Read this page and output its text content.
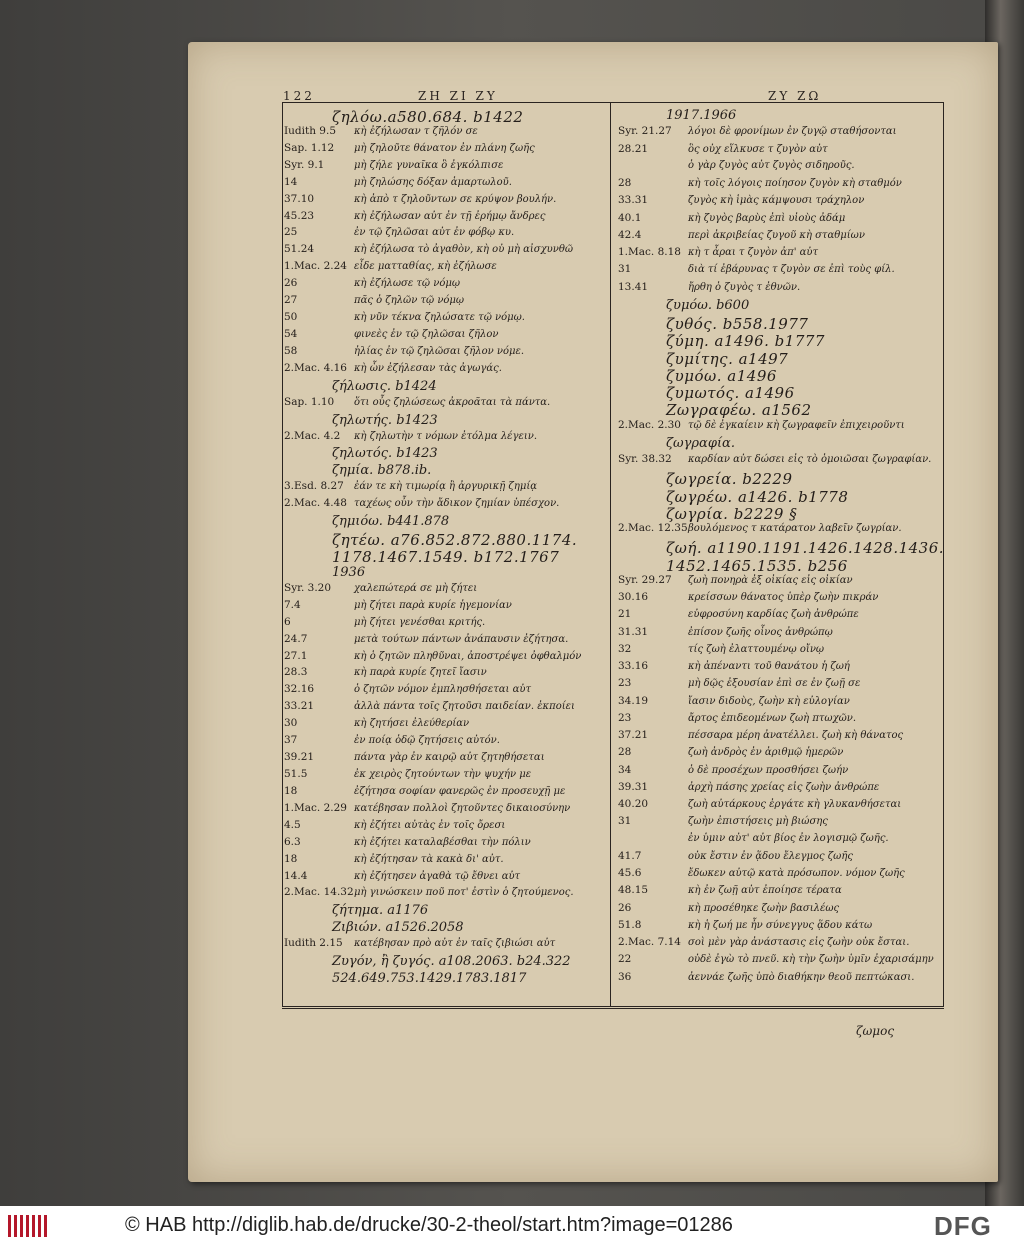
122	ΖΗ ΖΙ ΖΥ	ΖΥ ΖΩ
ζηλόω.a580.684. b1422
Iudith 9.5	κὴ ἐζήλωσαν τ ζῆλόν σε
Sap. 1.12	μὴ ζηλοῦτε θάνατον ἐν πλάνη ζωῆς
Syr. 9.1	μὴ ζήλε γυναῖκα ὃ ἐγκόλπισε
14	μὴ ζηλώσης δόξαν ἁμαρτωλοῦ.
37.10	κὴ ἀπὸ τ ζηλοῦντων σε κρύψον βουλήν.
45.23	κὴ ἐζήλωσαν αὐτ ἐν τῇ ἐρήμῳ ἄνδρες
25	ἐν τῷ ζηλῶσαι αὐτ ἐν φόβῳ κυ.
51.24	κὴ ἐζήλωσα τὸ ἀγαθὸν, κὴ οὐ μὴ αἰσχυνθῶ
1.Mac. 2.24 εἶδε ματταθίας, κὴ ἐζήλωσε
26	κὴ ἐζήλωσε τῷ νόμῳ
27	πᾶς ὁ ζηλῶν τῷ νόμῳ
50	κὴ νῦν τέκνα ζηλώσατε τῷ νόμῳ.
54	φινεὲς ἐν τῷ ζηλῶσαι ζῆλον
58	ἠλίας ἐν τῷ ζηλῶσαι ζῆλον νόμε.
2.Mac. 4.16 κὴ ὧν ἐζήλεσαν τὰς ἀγωγάς.
ζήλωσις. b1424
Sap. 1.10	ὅτι οὖς ζηλώσεως ἀκροᾶται τὰ πάντα.
ζηλωτής. b1423
2.Mac. 4.2	κὴ ζηλωτὴν τ νόμων ἐτόλμα λέγειν.
ζηλωτός. b1423
ζημία. b878.ib.
3.Esd. 8.27	ἐάν τε κὴ τιμωρίᾳ ἢ ἀργυρικῇ ζημίᾳ
2.Mac. 4.48 ταχέως οὖν τὴν ἄδικον ζημίαν ὑπέσχον.
ζημιόω. b441.878
ζητέω. a76.852.872.880.1174.
1178.1467.1549. b172.1767
1936
Syr. 3.20	χαλεπώτερά σε μὴ ζήτει
7.4	μὴ ζήτει παρὰ κυρίε ἡγεμονίαν
6	μὴ ζήτει γενέσθαι κριτής.
24.7	μετὰ τούτων πάντων ἀνάπαυσιν ἐζήτησα.
27.1	κὴ ὁ ζητῶν πληθῦναι, ἀποστρέψει ὀφθαλμόν
28.3	κὴ παρὰ κυρίε ζητεῖ ἴασιν
32.16	ὁ ζητῶν νόμον ἐμπλησθήσεται αὐτ
33.21	ἀλλὰ πάντα τοῖς ζητοῦσι παιδείαν. ἐκποίει
30	κὴ ζητήσει ἐλεύθερίαν
37	ἐν ποίᾳ ὁδῷ ζητήσεις αὐτόν.
39.21	πάντα γὰρ ἐν καιρῷ αὐτ ζητηθήσεται
51.5	ἐκ χειρὸς ζητούντων τὴν ψυχήν με
18	ἐζήτησα σοφίαν φανερῶς ἐν προσευχῇ με
1.Mac. 2.29 κατέβησαν πολλοὶ ζητοῦντες δικαιοσύνην
4.5	κὴ ἐζήτει αὐτὰς ἐν τοῖς ὄρεσι
6.3	κὴ ἐζήτει καταλαβέσθαι τὴν πόλιν
18	κὴ ἐζήτησαν τὰ κακὰ δι' αὐτ.
14.4	κὴ ἐζήτησεν ἀγαθὰ τῷ ἔθνει αὐτ
2.Mac. 14.32 μὴ γινώσκειν ποῦ ποτ' ἐστὶν ὁ ζητούμενος.
ζήτημα. a1176
Ζιβιών. a1526.2058
Iudith 2.15	κατέβησαν πρὸ αὐτ ἐν ταῖς ζιβιώσι αὐτ
Ζυγόν, ἢ ζυγός. a108.2063. b24.322
524.649.753.1429.1783.1817
1917.1966
Syr. 21.27	λόγοι δὲ φρονίμων ἐν ζυγῷ σταθήσονται
28.21	ὃς οὐχ εἵλκυσε τ ζυγὸν αὐτ
ὁ γὰρ ζυγὸς αὐτ ζυγὸς σιδηροῦς.
28	κὴ τοῖς λόγοις ποίησον ζυγὸν κὴ σταθμόν
33.31	ζυγὸς κὴ ἱμὰς κάμψουσι τράχηλον
40.1	κὴ ζυγὸς βαρὺς ἐπὶ υἱοὺς ἀδάμ
42.4	περὶ ἀκριβείας ζυγοῦ κὴ σταθμίων
1.Mac. 8.18 κὴ τ ἆραι τ ζυγὸν ἀπ' αὐτ
31	διὰ τί ἐβάρυνας τ ζυγὸν σε ἐπὶ τοὺς φίλ.
13.41	ἤρθη ὁ ζυγὸς τ ἐθνῶν.
ζυμόω. b600
ζυθός. b558.1977
ζύμη. a1496. b1777
ζυμίτης. a1497
ζυμόω. a1496
ζυμωτός. a1496
Ζωγραφέω. a1562
2.Mac. 2.30 τῷ δὲ ἐγκαίειν κὴ ζωγραφεῖν ἐπιχειροῦντι
ζωγραφία.
Syr. 38.32	καρδίαν αὐτ δώσει εἰς τὸ ὁμοιῶσαι ζωγραφίαν.
ζωγρεία. b2229
ζωγρέω. a1426. b1778
ζωγρία. b2229 §
2.Mac. 12.35 βουλόμενος τ κατάρατον λαβεῖν ζωγρίαν.
ζωή. a1190.1191.1426.1428.1436.
1452.1465.1535. b256
Syr. 29.27	ζωὴ πονηρὰ ἐξ οἰκίας εἰς οἰκίαν
30.16	κρείσσων θάνατος ὑπὲρ ζωὴν πικράν
21	εὐφροσύνη καρδίας ζωὴ ἀνθρώπε
31.31	ἐπίσον ζωῆς οἶνος ἀνθρώπῳ
32	τίς ζωὴ ἐλαττουμένῳ οἴνῳ
33.16	κὴ ἀπέναντι τοῦ θανάτου ἡ ζωή
23	μὴ δῷς ἐξουσίαν ἐπὶ σε ἐν ζωῇ σε
34.19	ἴασιν διδοὺς, ζωὴν κὴ εὐλογίαν
23	ἄρτος ἐπιδεομένων ζωὴ πτωχῶν.
37.21	πέσσαρα μέρη ἀνατέλλει. ζωὴ κὴ θάνατος
28	ζωὴ ἀνδρὸς ἐν ἀριθμῷ ἡμερῶν
34	ὁ δὲ προσέχων προσθήσει ζωήν
39.31	ἀρχὴ πάσης χρείας εἰς ζωὴν ἀνθρώπε
40.20	ζωὴ αὐτάρκους ἐργάτε κὴ γλυκανθήσεται
31	ζωὴν ἐπιστήσεις μὴ βιώσης
ἐν ὑμιν αὐτ' αὐτ βίος ἐν λογισμῷ ζωῆς.
41.7	οὐκ ἔστιν ἐν ᾅδου ἔλεγμος ζωῆς
45.6	ἔδωκεν αὐτῷ κατὰ πρόσωπον. νόμον ζωῆς
48.15	κὴ ἐν ζωῇ αὐτ ἐποίησε τέρατα
26	κὴ προσέθηκε ζωὴν βασιλέως
51.8	κὴ ἡ ζωή με ἦν σύνεγγυς ᾅδου κάτω
2.Mac. 7.14 σοὶ μὲν γὰρ ἀνάστασις εἰς ζωὴν οὐκ ἔσται.
22	οὐδὲ ἐγὼ τὸ πνεῦ. κὴ τὴν ζωὴν ὑμῖν ἐχαρισάμην
36	ἀεννάε ζωῆς ὑπὸ διαθήκην θεοῦ πεπτώκασι.
ζωμος
© HAB http://diglib.hab.de/drucke/30-2-theol/start.htm?image=01286	DFG
